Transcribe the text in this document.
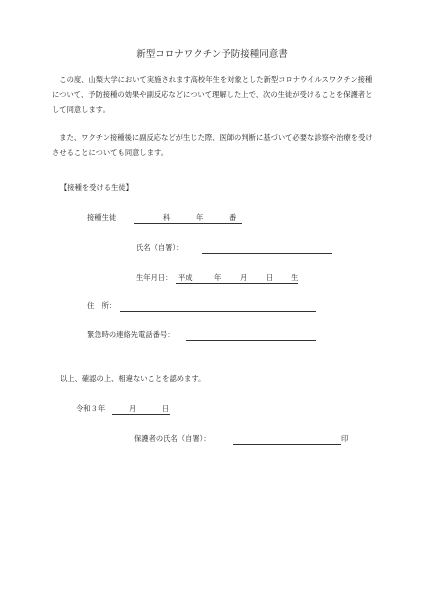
新型コロナワクチン予防接種同意書
この度、山梨大学において実施されます高校年生を対象とした新型コロナウイルスワクチン接種について、予防接種の効果や副反応などについて理解した上で、次の生徒が受けることを保護者として同意します。
また、ワクチン接種後に副反応などが生じた際、医師の判断に基づいて必要な診察や治療を受けさせることについても同意します。
【接種を受ける生徒】
接種生徒	科	年	番
氏名（自署）：
生年月日： 平成	年	月	日 生
住　所：
緊急時の連絡先電話番号：
以上、確認の上、相違ないことを認めます。
令和３年	月	日
保護者の氏名（自署）：	印
